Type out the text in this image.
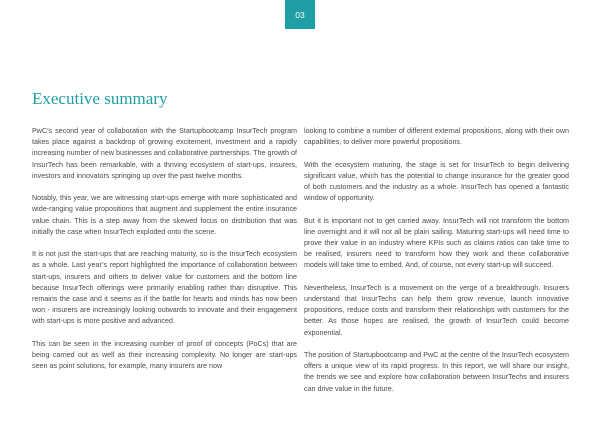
03
Executive summary

PwC’s second year of collaboration with the Startupbootcamp InsurTech program takes place against a backdrop of growing excitement, investment and a rapidly increasing number of new businesses and collaborative partnerships. The growth of InsurTech has been remarkable, with a thriving ecosystem of start-ups, insurers, investors and innovators springing up over the past twelve months.

Notably, this year, we are witnessing start-ups emerge with more sophisticated and wide-ranging value propositions that augment and supplement the entire insurance value chain. This is a step away from the skewed focus on distribution that was initially the case when InsurTech exploded onto the scene.

It is not just the start-ups that are reaching maturity, so is the InsurTech ecosystem as a whole. Last year’s report highlighted the importance of collaboration between start-ups, insurers and others to deliver value for customers and the bottom line because InsurTech offerings were primarily enabling rather than disruptive. This remains the case and it seems as if the battle for hearts and minds has now been won - insurers are increasingly looking outwards to innovate and their engagement with start-ups is more positive and advanced.

This can be seen in the increasing number of proof of concepts (PoCs) that are being carried out as well as their increasing complexity. No longer are start-ups seen as point solutions, for example, many insurers are now

looking to combine a number of different external propositions, along with their own capabilities, to deliver more powerful propositions.

With the ecosystem maturing, the stage is set for InsurTech to begin delivering significant value, which has the potential to change insurance for the greater good of both customers and the industry as a whole. InsurTech has opened a fantastic window of opportunity.

But it is important not to get carried away. InsurTech will not transform the bottom line overnight and it will not all be plain sailing. Maturing start-ups will need time to prove their value in an industry where KPIs such as claims ratios can take time to be realised, insurers need to transform how they work and these collaborative models will take time to embed. And, of course, not every start-up will succeed.

Nevertheless, InsurTech is a movement on the verge of a breakthrough. Insurers understand that InsurTechs can help them grow revenue, launch innovative propositions, reduce costs and transform their relationships with customers for the better. As those hopes are realised, the growth of InsurTech could become exponential.

The position of Startupbootcamp and PwC at the centre of the InsurTech ecosystem offers a unique view of its rapid progress. In this report, we will share our insight, the trends we see and explore how collaboration between InsurTechs and insurers can drive value in the future.
